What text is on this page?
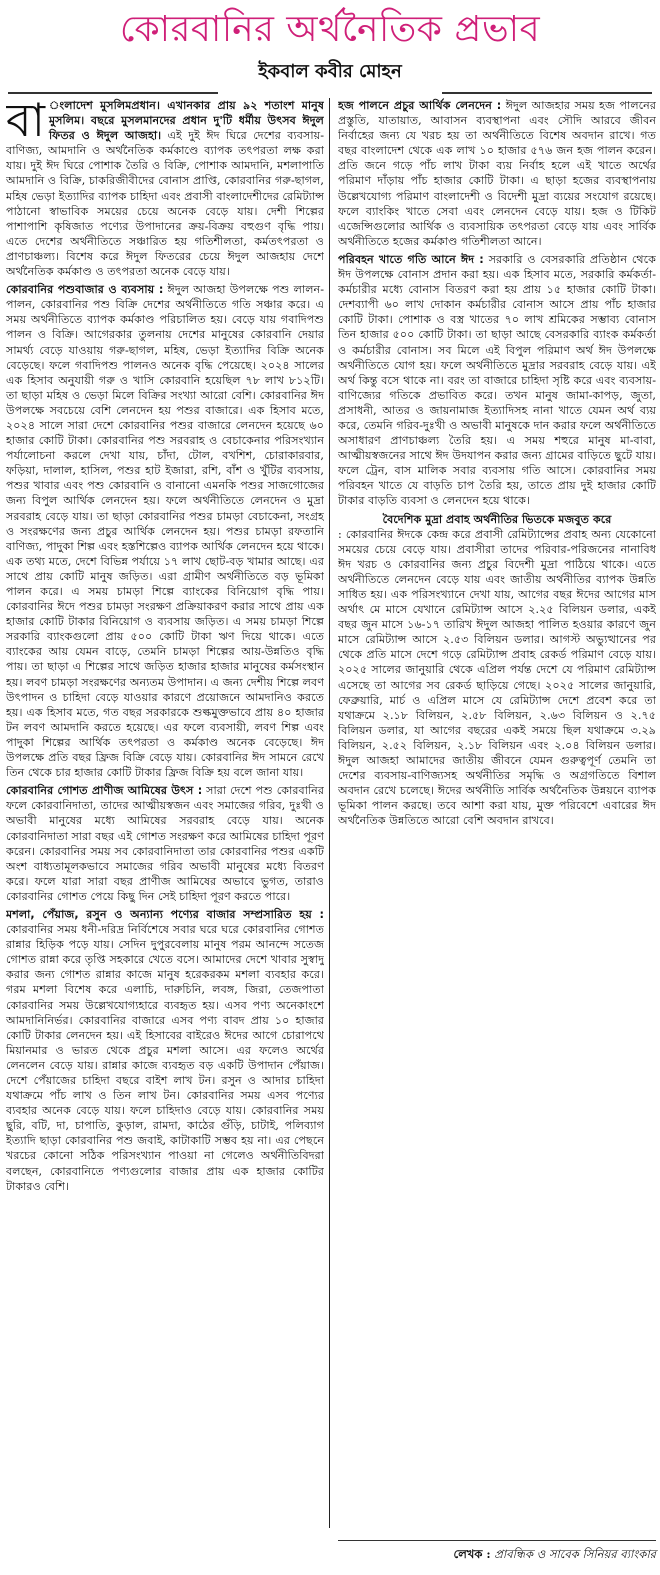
কোরবানির অর্থনৈতিক প্রভাব
ইকবাল কবীর মোহন

বা ংলাদেশ মুসলিমপ্রধান। এখানকার প্রায় ৯২ শতাংশ মানুষ মুসলিম। বছরে মুসলমানদের প্রধান দু'টি ধর্মীয় উৎসব ঈদুল ফিতর ও ঈদুল আজহা। এই দুই ঈদ ঘিরে দেশের ব্যবসায়-বাণিজ্য, আমদানি ও অর্থনৈতিক কর্মকাণ্ডে ব্যাপক তৎপরতা লক্ষ করা যায়। দুই ঈদ ঘিরে পোশাক তৈরি ও বিক্রি, পোশাক আমদানি, মশলাপাতি আমদানি ও বিক্রি, চাকরিজীবীদের বোনাস প্রাপ্তি, কোরবানির গরু-ছাগল, মহিষ ভেড়া ইত্যাদির ব্যাপক চাহিদা এবং প্রবাসী বাংলাদেশীদের রেমিট্যান্স পাঠানো স্বাভাবিক সময়ের চেয়ে অনেক বেড়ে যায়। দেশী শিল্পের পাশাপাশি কৃষিজাত পণ্যের উপাদানের ক্রয়-বিক্রয় বহুগুণ বৃদ্ধি পায়। এতে দেশের অর্থনীতিতে সঞ্চারিত হয় গতিশীলতা, কর্মতৎপরতা ও প্রাণচাঞ্চল্য। বিশেষ করে ঈদুল ফিতরের চেয়ে ঈদুল আজহায় দেশে অর্থনৈতিক কর্মকাণ্ড ও তৎপরতা অনেক বেড়ে যায়।

কোরবানির পশুবাজার ও ব্যবসায় : ঈদুল আজহা উপলক্ষে পশু লালন-পালন, কোরবানির পশু বিক্রি দেশের অর্থনীতিতে গতি সঞ্চার করে। এ সময় অর্থনীতিতে ব্যাপক কর্মকাণ্ড পরিচালিত হয়। বেড়ে যায় গবাদিপশু পালন ও বিক্রি। আগেরকার তুলনায় দেশের মানুষের কোরবানি দেয়ার সামর্থ্য বেড়ে যাওয়ায় গরু-ছাগল, মহিষ, ভেড়া ইত্যাদির বিক্রি অনেক বেড়েছে। ফলে গবাদিপশু পালনও অনেক বৃদ্ধি পেয়েছে। ২০২৪ সালের এক হিসাব অনুযায়ী গরু ও খাসি কোরবানি হয়েছিল ৭৮ লাখ ৮১২টি। তা ছাড়া মহিষ ও ভেড়া মিলে বিক্রির সংখ্যা আরো বেশি। কোরবানির ঈদ উপলক্ষে সবচেয়ে বেশি লেনদেন হয় পশুর বাজারে। এক হিসাব মতে, ২০২৪ সালে সারা দেশে কোরবানির পশুর বাজারে লেনদেন হয়েছে ৬০ হাজার কোটি টাকা। কোরবানির পশু সরবরাহ ও বেচাকেনার পরিসংখ্যান পর্যালোচনা করলে দেখা যায়, চাঁদা, টোল, বখশিশ, চোরাকারবার, ফড়িয়া, দালাল, হাসিল, পশুর হাট ইজারা, রশি, বাঁশ ও খুঁটির ব্যবসায়, পশুর খাবার এবং পশু কোরবানি ও বানানো এমনকি পশুর সাজগোজের জন্য বিপুল আর্থিক লেনদেন হয়। ফলে অর্থনীতিতে লেনদেন ও মুদ্রা সরবরাহ বেড়ে যায়। তা ছাড়া কোরবানির পশুর চামড়া বেচাকেনা, সংগ্রহ ও সংরক্ষণের জন্য প্রচুর আর্থিক লেনদেন হয়। পশুর চামড়া রফতানি বাণিজ্য, পাদুকা শিল্প এবং হস্তশিল্পেও ব্যাপক আর্থিক লেনদেন হয়ে থাকে। এক তথ্য মতে, দেশে বিভিন্ন পর্যায়ে ১৭ লাখ ছোট-বড় খামার আছে। এর সাথে প্রায় কোটি মানুষ জড়িত। এরা গ্রামীণ অর্থনীতিতে বড় ভূমিকা পালন করে। এ সময় চামড়া শিল্পে ব্যাংকের বিনিয়োগ বৃদ্ধি পায়। কোরবানির ঈদে পশুর চামড়া সংরক্ষণ প্রক্রিয়াকরণ করার সাথে প্রায় এক হাজার কোটি টাকার বিনিয়োগ ও ব্যবসায় জড়িত। এ সময় চামড়া শিল্পে সরকারি ব্যাংকগুলো প্রায় ৫০০ কোটি টাকা ঋণ দিয়ে থাকে। এতে ব্যাংকের আয় যেমন বাড়ে, তেমনি চামড়া শিল্পের আয়-উন্নতিও বৃদ্ধি পায়। তা ছাড়া এ শিল্পের সাথে জড়িত হাজার হাজার মানুষের কর্মসংস্থান হয়। লবণ চামড়া সংরক্ষণের অন্যতম উপাদান। এ জন্য দেশীয় শিল্পে লবণ উৎপাদন ও চাহিদা বেড়ে যাওয়ার কারণে প্রয়োজনে আমদানিও করতে হয়। এক হিসাব মতে, গত বছর সরকারকে শুল্কমুক্তভাবে প্রায় ৪০ হাজার টন লবণ আমদানি করতে হয়েছে। এর ফলে ব্যবসায়ী, লবণ শিল্প এবং পাদুকা শিল্পের আর্থিক তৎপরতা ও কর্মকাণ্ড অনেক বেড়েছে। ঈদ উপলক্ষে প্রতি বছর ফ্রিজ বিক্রি বেড়ে যায়। কোরবানির ঈদ সামনে রেখে তিন থেকে চার হাজার কোটি টাকার ফ্রিজ বিক্রি হয় বলে জানা যায়।

কোরবানির গোশত প্রাণীজ আমিষের উৎস : সারা দেশে পশু কোরবানির ফলে কোরবানিদাতা, তাদের আত্মীয়স্বজন এবং সমাজের গরিব, দুঃখী ও অভাবী মানুষের মধ্যে আমিষের সরবরাহ বেড়ে যায়। অনেক কোরবানিদাতা সারা বছর এই গোশত সংরক্ষণ করে আমিষের চাহিদা পূরণ করেন। কোরবানির সময় সব কোরবানিদাতা তার কোরবানির পশুর একটি অংশ বাধ্যতামূলকভাবে সমাজের গরিব অভাবী মানুষের মধ্যে বিতরণ করে। ফলে যারা সারা বছর প্রাণীজ আমিষের অভাবে ভুগত, তারাও কোরবানির গোশত পেয়ে কিছু দিন সেই চাহিদা পূরণ করতে পারে।

মশলা, পেঁয়াজ, রসুন ও অন্যান্য পণ্যের বাজার সম্প্রসারিত হয় : কোরবানির সময় ধনী-দরিদ্র নির্বিশেষে সবার ঘরে ঘরে কোরবানির গোশত রান্নার হিড়িক পড়ে যায়। সেদিন দুপুরবেলায় মানুষ পরম আনন্দে সতেজ গোশত রান্না করে তৃপ্তি সহকারে খেতে বসে। আমাদের দেশে খাবার সুস্বাদু করার জন্য গোশত রান্নার কাজে মানুষ হরেকরকম মশলা ব্যবহার করে। গরম মশলা বিশেষ করে এলাচি, দারুচিনি, লবঙ্গ, জিরা, তেজপাতা কোরবানির সময় উল্লেখযোগ্যহারে ব্যবহৃত হয়। এসব পণ্য অনেকাংশে আমদানিনির্ভর। কোরবানির বাজারে এসব পণ্য বাবদ প্রায় ১০ হাজার কোটি টাকার লেনদেন হয়। এই হিসাবের বাইরেও ঈদের আগে চোরাপথে মিয়ানমার ও ভারত থেকে প্রচুর মশলা আসে। এর ফলেও অর্থের লেনলেন বেড়ে যায়। রান্নার কাজে ব্যবহৃত বড় একটি উপাদান পেঁয়াজ। দেশে পেঁয়াজের চাহিদা বছরে বাইশ লাখ টন। রসুন ও আদার চাহিদা যথাক্রমে পাঁচ লাখ ও তিন লাখ টন। কোরবানির সময় এসব পণ্যের ব্যবহার অনেক বেড়ে যায়। ফলে চাহিদাও বেড়ে যায়। কোরবানির সময় ছুরি, বটি, দা, চাপাতি, কুড়াল, রামদা, কাঠের গুঁড়ি, চাটাই, পলিব্যাগ ইত্যাদি ছাড়া কোরবানির পশু জবাই, কাটাকাটি সম্ভব হয় না। এর পেছনে খরচের কোনো সঠিক পরিসংখ্যান পাওয়া না গেলেও অর্থনীতিবিদরা বলছেন, কোরবানিতে পণ্যগুলোর বাজার প্রায় এক হাজার কোটির টাকারও বেশি।

হজ পালনে প্রচুর আর্থিক লেনদেন : ঈদুল আজহার সময় হজ পালনের প্রস্তুতি, যাতায়াত, আবাসন ব্যবস্থাপনা এবং সৌদি আরবে জীবন নির্বাহের জন্য যে খরচ হয় তা অর্থনীতিতে বিশেষ অবদান রাখে। গত বছর বাংলাদেশ থেকে এক লাখ ১০ হাজার ৫৭৬ জন হজ পালন করেন। প্রতি জনে গড়ে পাঁচ লাখ টাকা ব্যয় নির্বাহ হলে এই খাতে অর্থের পরিমাণ দাঁড়ায় পাঁচ হাজার কোটি টাকা। এ ছাড়া হজের ব্যবস্থাপনায় উল্লেখযোগ্য পরিমাণ বাংলাদেশী ও বিদেশী মুদ্রা ব্যয়ের সংযোগ রয়েছে। ফলে ব্যাংকিং খাতে সেবা এবং লেনদেন বেড়ে যায়। হজ ও টিকিট এজেন্সিগুলোর আর্থিক ও ব্যবসায়িক তৎপরতা বেড়ে যায় এবং সার্বিক অর্থনীতিতে হজের কর্মকাণ্ড গতিশীলতা আনে।

পরিবহন খাতে গতি আনে ঈদ : সরকারি ও বেসরকারি প্রতিষ্ঠান থেকে ঈদ উপলক্ষে বোনাস প্রদান করা হয়। এক হিসাব মতে, সরকারি কর্মকর্তা-কর্মচারীর মধ্যে বোনাস বিতরণ করা হয় প্রায় ১৫ হাজার কোটি টাকা। দেশব্যাপী ৬০ লাখ দোকান কর্মচারীর বোনাস আসে প্রায় পাঁচ হাজার কোটি টাকা। পোশাক ও বস্ত্র খাতের ৭০ লাখ শ্রমিকের সম্ভাব্য বোনাস তিন হাজার ৫০০ কোটি টাকা। তা ছাড়া আছে বেসরকারি ব্যাংক কর্মকর্তা ও কর্মচারীর বোনাস। সব মিলে এই বিপুল পরিমাণ অর্থ ঈদ উপলক্ষে অর্থনীতিতে যোগ হয়। ফলে অর্থনীতিতে মুদ্রার সরবরাহ বেড়ে যায়। এই অর্থ কিন্তু বসে থাকে না। বরং তা বাজারে চাহিদা সৃষ্টি করে এবং ব্যবসায়-বাণিজ্যের গতিকে প্রভাবিত করে। তখন মানুষ জামা-কাপড়, জুতা, প্রসাধনী, আতর ও জায়নামাজ ইত্যাদিসহ নানা খাতে যেমন অর্থ ব্যয় করে, তেমনি গরিব-দুঃখী ও অভাবী মানুষকে দান করার ফলে অর্থনীতিতে অসাধারণ প্রাণচাঞ্চল্য তৈরি হয়। এ সময় শহুরে মানুষ মা-বাবা, আত্মীয়স্বজনের সাথে ঈদ উদযাপন করার জন্য গ্রামের বাড়িতে ছুটে যায়। ফলে ট্রেন, বাস মালিক সবার ব্যবসায় গতি আসে। কোরবানির সময় পরিবহন খাতে যে বাড়তি চাপ তৈরি হয়, তাতে প্রায় দুই হাজার কোটি টাকার বাড়তি ব্যবসা ও লেনদেন হয়ে থাকে।

বৈদেশিক মুদ্রা প্রবাহ অর্থনীতির ভিতকে মজবুত করে
: কোরবানির ঈদকে কেন্দ্র করে প্রবাসী রেমিট্যান্সের প্রবাহ অন্য যেকোনো সময়ের চেয়ে বেড়ে যায়। প্রবাসীরা তাদের পরিবার-পরিজনের নানাবিধ ঈদ খরচ ও কোরবানির জন্য প্রচুর বিদেশী মুদ্রা পাঠিয়ে থাকে। এতে অর্থনীতিতে লেনদেন বেড়ে যায় এবং জাতীয় অর্থনীতির ব্যাপক উন্নতি সাধিত হয়। এক পরিসংখ্যানে দেখা যায়, আগের বছর ঈদের আগের মাস অর্থাৎ মে মাসে যেখানে রেমিট্যান্স আসে ২.২৫ বিলিয়ন ডলার, একই বছর জুন মাসে ১৬-১৭ তারিখ ঈদুল আজহা পালিত হওয়ার কারণে জুন মাসে রেমিট্যান্স আসে ২.৫৩ বিলিয়ন ডলার। আগস্ট অভ্যুত্থানের পর থেকে প্রতি মাসে দেশে গড়ে রেমিট্যান্স প্রবাহ রেকর্ড পরিমাণ বেড়ে যায়। ২০২৫ সালের জানুয়ারি থেকে এপ্রিল পর্যন্ত দেশে যে পরিমাণ রেমিট্যান্স এসেছে তা আগের সব রেকর্ড ছাড়িয়ে গেছে। ২০২৫ সালের জানুয়ারি, ফেব্রুয়ারি, মার্চ ও এপ্রিল মাসে যে রেমিট্যান্স দেশে প্রবেশ করে তা যথাক্রমে ২.১৮ বিলিয়ন, ২.৫৮ বিলিয়ন, ২.৬৩ বিলিয়ন ও ২.৭৫ বিলিয়ন ডলার, যা আগের বছরের একই সময়ে ছিল যথাক্রমে ৩.২৯ বিলিয়ন, ২.৫২ বিলিয়ন, ২.১৮ বিলিয়ন এবং ২.০৪ বিলিয়ন ডলার। ঈদুল আজহা আমাদের জাতীয় জীবনে যেমন গুরুত্বপূর্ণ তেমনি তা দেশের ব্যবসায়-বাণিজ্যসহ অর্থনীতির সমৃদ্ধি ও অগ্রগতিতে বিশাল অবদান রেখে চলেছে। ঈদের অর্থনীতি সার্বিক অর্থনৈতিক উন্নয়নে ব্যাপক ভূমিকা পালন করছে। তবে আশা করা যায়, মুক্ত পরিবেশে এবারের ঈদ অর্থনৈতিক উন্নতিতে আরো বেশি অবদান রাখবে।

লেখক : প্রাবন্ধিক ও সাবেক সিনিয়র ব্যাংকার
